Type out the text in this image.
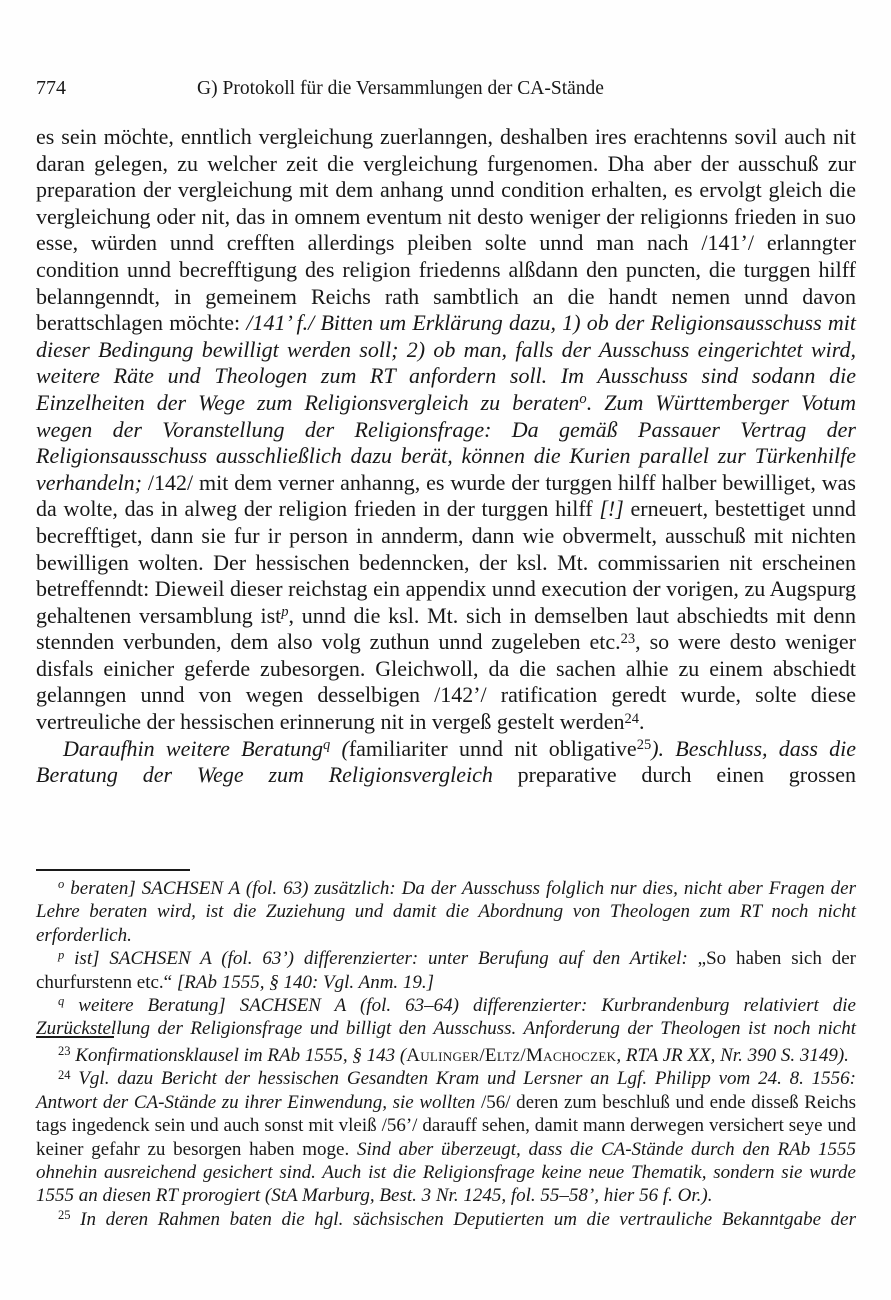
774	G) Protokoll für die Versammlungen der CA-Stände

es sein möchte, enntlich vergleichung zuerlanngen, deshalben ires erachtenns sovil auch nit daran gelegen, zu welcher zeit die vergleichung furgenomen. Dha aber der ausschuß zur preparation der vergleichung mit dem anhang unnd condition erhalten, es ervolgt gleich die vergleichung oder nit, das in omnem eventum nit desto weniger der religionns frieden in suo esse, würden unnd crefften allerdings pleiben solte unnd man nach /141’/ erlanngter condition unnd becrefftigung des religion friedenns alßdann den puncten, die turggen hilff belanngenndt, in gemeinem Reichs rath sambtlich an die handt nemen unnd davon berattschlagen möchte: /141’ f./ Bitten um Erklärung dazu, 1) ob der Religionsausschuss mit dieser Bedingung bewilligt werden soll; 2) ob man, falls der Ausschuss eingerichtet wird, weitere Räte und Theologen zum RT anfordern soll. Im Ausschuss sind sodann die Einzelheiten der Wege zum Religionsvergleich zu beraten$^o$. Zum Württemberger Votum wegen der Voranstellung der Religionsfrage: Da gemäß Passauer Vertrag der Religionsausschuss ausschließlich dazu berät, können die Kurien parallel zur Türkenhilfe verhandeln; /142/ mit dem verner anhanng, es wurde der turggen hilff halber bewilliget, was da wolte, das in alweg der religion frieden in der turggen hilff [!] erneuert, bestettiget unnd becrefftiget, dann sie fur ir person in annderm, dann wie obvermelt, ausschuß mit nichten bewilligen wolten. Der hessischen bedenncken, der ksl. Mt. commissarien nit erscheinen betreffenndt: Dieweil dieser reichstag ein appendix unnd execution der vorigen, zu Augspurg gehaltenen versamblung ist$^p$, unnd die ksl. Mt. sich in demselben laut abschiedts mit denn stennden verbunden, dem also volg zuthun unnd zugeleben etc.$^{23}$, so were desto weniger disfals einicher geferde zubesorgen. Gleichwoll, da die sachen alhie zu einem abschiedt gelanngen unnd von wegen desselbigen /142’/ ratification geredt wurde, solte diese vertreuliche der hessischen erinnerung nit in vergeß gestelt werden$^{24}$.

Daraufhin weitere Beratung$^q$ (familiariter unnd nit obligative$^{25}$). Beschluss, dass die Beratung der Wege zum Religionsvergleich preparative durch einen grossen

$^o$ beraten] SACHSEN A (fol. 63) zusätzlich: Da der Ausschuss folglich nur dies, nicht aber Fragen der Lehre beraten wird, ist die Zuziehung und damit die Abordnung von Theologen zum RT noch nicht erforderlich.

$^p$ ist] SACHSEN A (fol. 63’) differenzierter: unter Berufung auf den Artikel: „So haben sich der churfurstenn etc.“ [RAb 1555, § 140: Vgl. Anm. 19.]

$^q$ weitere Beratung] SACHSEN A (fol. 63–64) differenzierter: Kurbrandenburg relativiert die Zurückstellung der Religionsfrage und billigt den Ausschuss. Anforderung der Theologen ist noch nicht

$^{23}$ Konfirmationsklausel im RAb 1555, § 143 (Aulinger/Eltz/Machoczek, RTA JR XX, Nr. 390 S. 3149).

$^{24}$ Vgl. dazu Bericht der hessischen Gesandten Kram und Lersner an Lgf. Philipp vom 24. 8. 1556: Antwort der CA-Stände zu ihrer Einwendung, sie wollten /56/ deren zum beschluß und ende disseß Reichs tags ingedenck sein und auch sonst mit vleiß /56’/ darauff sehen, damit mann derwegen versichert seye und keiner gefahr zu besorgen haben moge. Sind aber überzeugt, dass die CA-Stände durch den RAb 1555 ohnehin ausreichend gesichert sind. Auch ist die Religionsfrage keine neue Thematik, sondern sie wurde 1555 an diesen RT prorogiert (StA Marburg, Best. 3 Nr. 1245, fol. 55–58’, hier 56 f. Or.).

$^{25}$ In deren Rahmen baten die hgl. sächsischen Deputierten um die vertrauliche Bekanntgabe der
